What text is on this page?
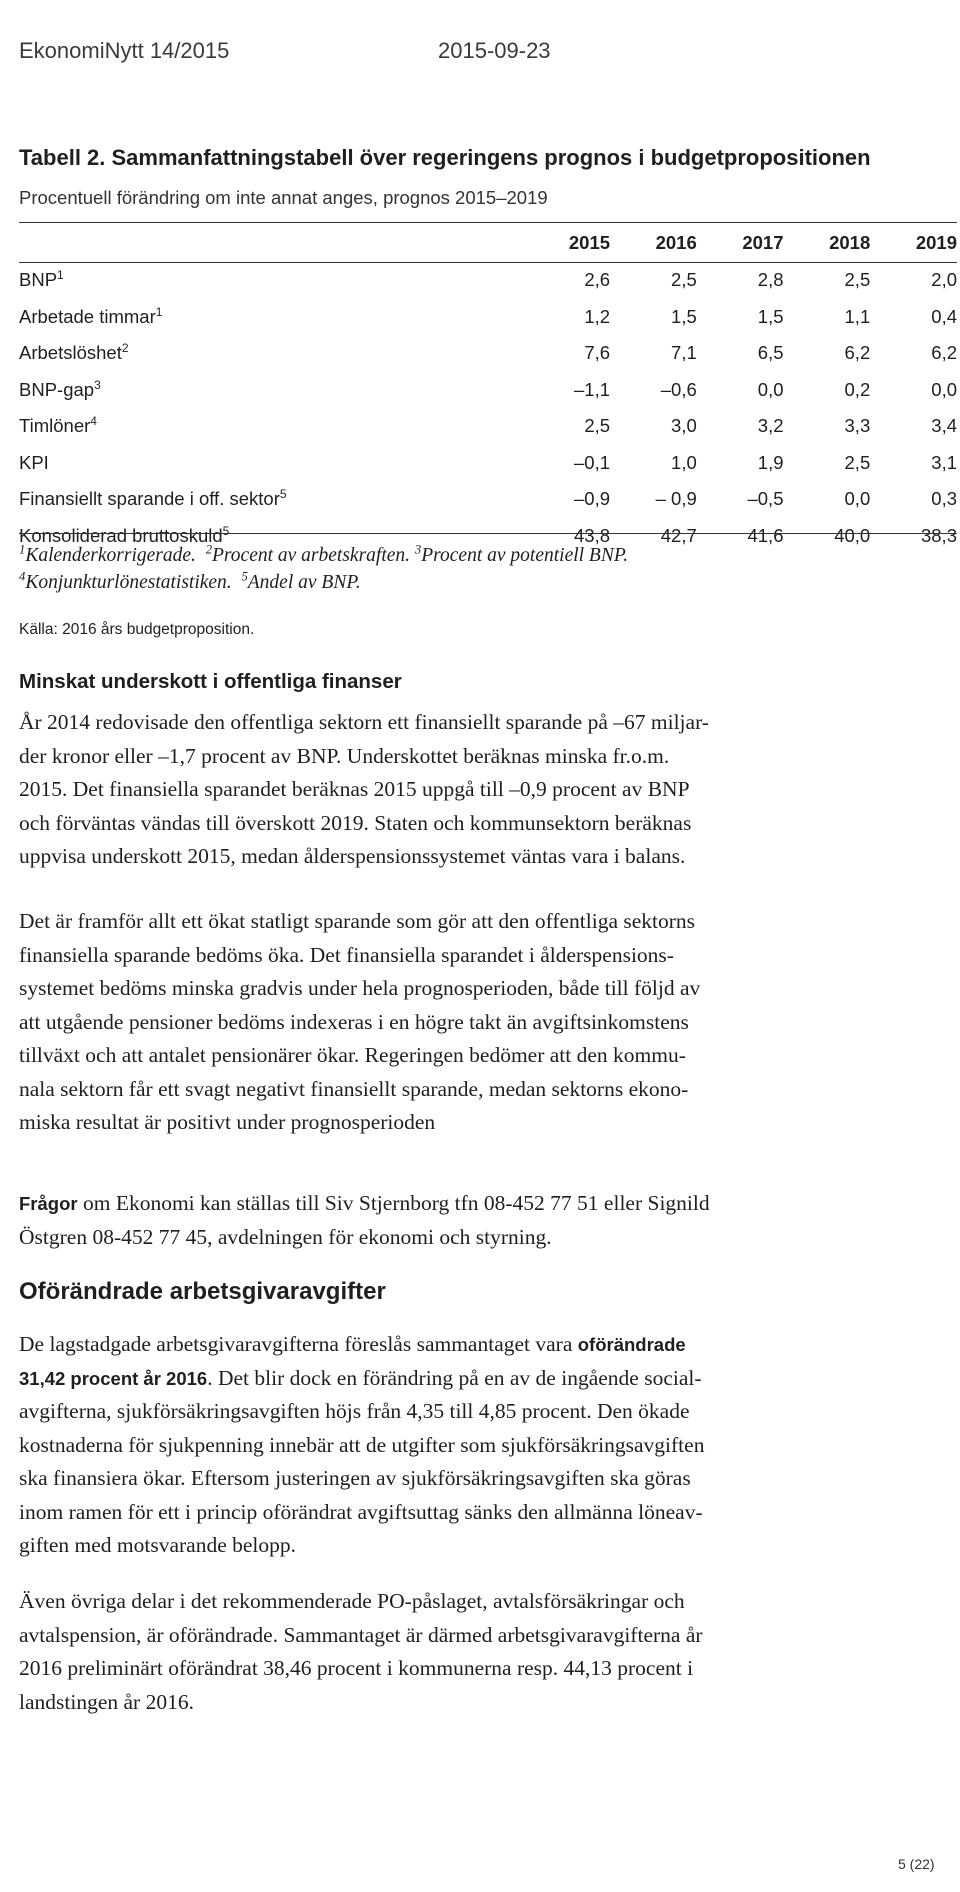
EkonomiNytt 14/2015	2015-09-23
Tabell 2. Sammanfattningstabell över regeringens prognos i budgetpropositionen
Procentuell förändring om inte annat anges, prognos 2015–2019
	2015	2016	2017	2018	2019
BNP$^1$	2,6	2,5	2,8	2,5	2,0
Arbetade timmar$^1$	1,2	1,5	1,5	1,1	0,4
Arbetslöshet$^2$	7,6	7,1	6,5	6,2	6,2
BNP-gap$^3$	–1,1	–0,6	0,0	0,2	0,0
Timlöner$^4$	2,5	3,0	3,2	3,3	3,4
KPI	–0,1	1,0	1,9	2,5	3,1
Finansiellt sparande i off. sektor$^5$	–0,9	– 0,9	–0,5	0,0	0,3
Konsoliderad bruttoskuld$^5$	43,8	42,7	41,6	40,0	38,3
$^1$Kalenderkorrigerade. $^2$Procent av arbetskraften. $^3$Procent av potentiell BNP.
$^4$Konjunkturlönestatistiken. $^5$Andel av BNP.
Källa: 2016 års budgetproposition.
Minskat underskott i offentliga finanser
År 2014 redovisade den offentliga sektorn ett finansiellt sparande på –67 miljar-
der kronor eller –1,7 procent av BNP. Underskottet beräknas minska fr.o.m.
2015. Det finansiella sparandet beräknas 2015 uppgå till –0,9 procent av BNP
och förväntas vändas till överskott 2019. Staten och kommunsektorn beräknas
uppvisa underskott 2015, medan ålderspensionssystemet väntas vara i balans.
Det är framför allt ett ökat statligt sparande som gör att den offentliga sektorns
finansiella sparande bedöms öka. Det finansiella sparandet i ålderspensions-
systemet bedöms minska gradvis under hela prognosperioden, både till följd av
att utgående pensioner bedöms indexeras i en högre takt än avgiftsinkomstens
tillväxt och att antalet pensionärer ökar. Regeringen bedömer att den kommu-
nala sektorn får ett svagt negativt finansiellt sparande, medan sektorns ekono-
miska resultat är positivt under prognosperioden
Frågor om Ekonomi kan ställas till Siv Stjernborg tfn 08-452 77 51 eller Signild
Östgren 08-452 77 45, avdelningen för ekonomi och styrning.
Oförändrade arbetsgivaravgifter
De lagstadgade arbetsgivaravgifterna föreslås sammantaget vara oförändrade
31,42 procent år 2016. Det blir dock en förändring på en av de ingående social-
avgifterna, sjukförsäkringsavgiften höjs från 4,35 till 4,85 procent. Den ökade
kostnaderna för sjukpenning innebär att de utgifter som sjukförsäkringsavgiften
ska finansiera ökar. Eftersom justeringen av sjukförsäkringsavgiften ska göras
inom ramen för ett i princip oförändrat avgiftsuttag sänks den allmänna löneav-
giften med motsvarande belopp.
Även övriga delar i det rekommenderade PO-påslaget, avtalsförsäkringar och
avtalspension, är oförändrade. Sammantaget är därmed arbetsgivaravgifterna år
2016 preliminärt oförändrat 38,46 procent i kommunerna resp. 44,13 procent i
landstingen år 2016.
5 (22)
